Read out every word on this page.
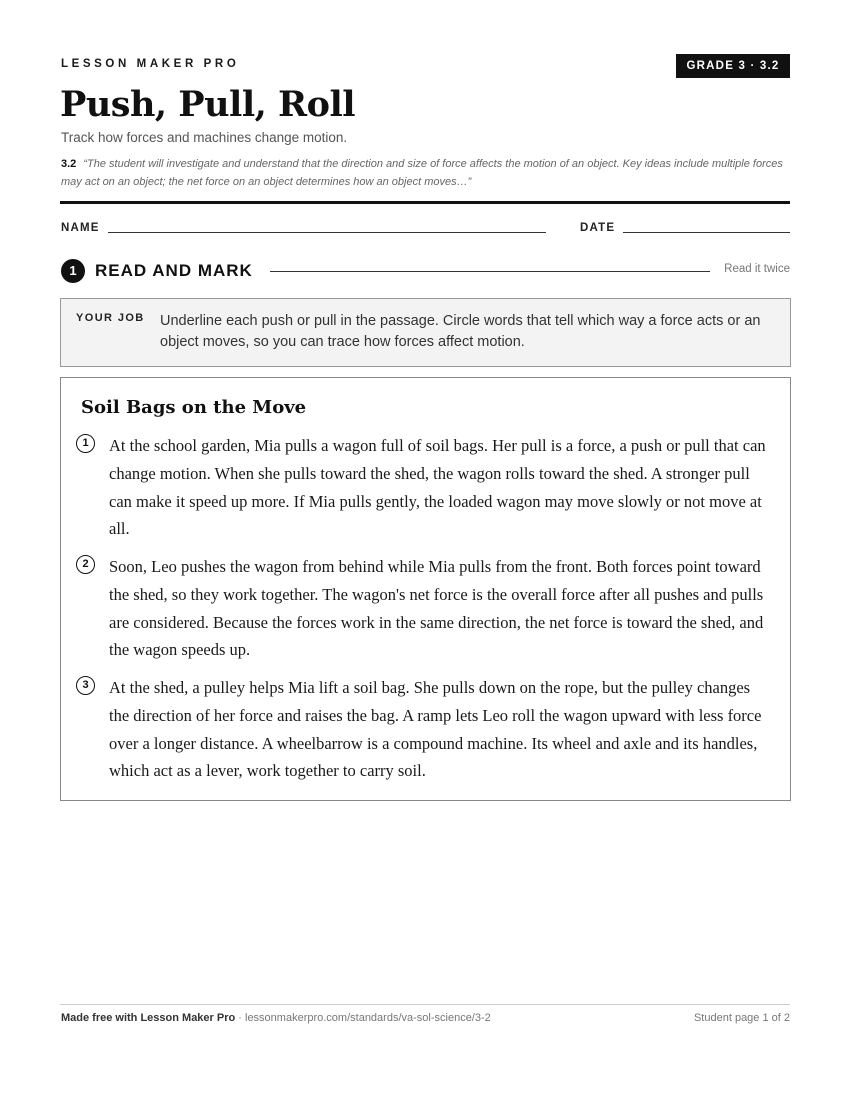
LESSON MAKER PRO	GRADE 3 · 3.2
Push, Pull, Roll
Track how forces and machines change motion.
3.2 “The student will investigate and understand that the direction and size of force affects the motion of an object. Key ideas include multiple forces may act on an object; the net force on an object determines how an object moves…”
NAME	DATE
1	READ AND MARK	Read it twice
YOUR JOB Underline each push or pull in the passage. Circle words that tell which way a force acts or an object moves, so you can trace how forces affect motion.
Soil Bags on the Move
1	At the school garden, Mia pulls a wagon full of soil bags. Her pull is a force, a push or pull that can change motion. When she pulls toward the shed, the wagon rolls toward the shed. A stronger pull can make it speed up more. If Mia pulls gently, the loaded wagon may move slowly or not move at all.
2	Soon, Leo pushes the wagon from behind while Mia pulls from the front. Both forces point toward the shed, so they work together. The wagon's net force is the overall force after all pushes and pulls are considered. Because the forces work in the same direction, the net force is toward the shed, and the wagon speeds up.
3	At the shed, a pulley helps Mia lift a soil bag. She pulls down on the rope, but the pulley changes the direction of her force and raises the bag. A ramp lets Leo roll the wagon upward with less force over a longer distance. A wheelbarrow is a compound machine. Its wheel and axle and its handles, which act as a lever, work together to carry soil.
Made free with Lesson Maker Pro · lessonmakerpro.com/standards/va-sol-science/3-2	Student page 1 of 2
